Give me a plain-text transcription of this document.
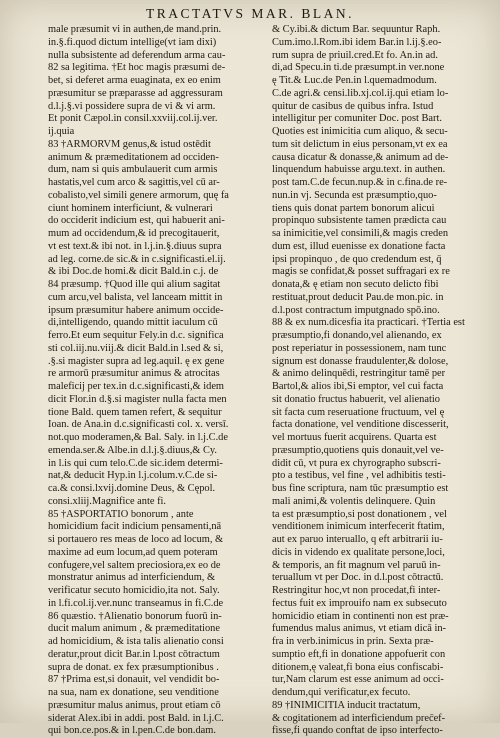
TRACTATVS MAR. BLAN.
male præsumit vi in authen,de mand.prin.
in.§.fi.quod dictum intellige(vt iam dixi)
nulla subsistente ad deferendum arma cau-
82 sa legitima. †Et hoc magis præsumi de-
bet, si deferet arma euaginata, ex eo enim
præsumitur se præparasse ad aggressuram
d.l.j.§.vi possidere supra de vi & vi arm.
Et ponit Cæpol.in consil.xxviij.col.ij.ver.
ij.quia
83 †ARMORVM genus,& istud ostēdit
animum & præmeditationem ad occiden-
dum, nam si quis ambulauerit cum armis
hastatis,vel cum arco & sagittis,vel cū ar-
cobalisto,vel simili genere armorum, quę fa
ciunt hominem interficiunt, & vulnerari
do occiderit indicium est, qui habuerit ani-
mum ad occidendum,& id precogitauerit,
vt est text.& ibi not. in l.j.in.§.diuus supra
ad leg. corne.de sic.& in c.significasti.el.ij.
& ibi Doc.de homi.& dicit Bald.in c.j. de
84 præsump. †Quod ille qui alium sagitat
cum arcu,vel balista, vel lanceam mittit in
ipsum præsumitur habere animum occide-
di,intelligendo, quando mittit iaculum cū
ferro.Et eum sequitur Fely.in d.c. significa
sti col.iij.nu.viij.& dicit Bald.in l.sed & si,
.§.si magister supra ad leg.aquil. ę ex gene
re armorū præsumitur animus & atrocitas
maleficij per tex.in d.c.significasti,& idem
dicit Flor.in d.§.si magister nulla facta men
tione Bald. quem tamen refert, & sequitur
Ioan. de Ana.in d.c.significasti col. x. versī.
not.quo moderamen,& Bal. Saly. in l.j.C.de
emenda.ser.& Albe.in d.l.j.§.diuus,& Cy.
in l.is qui cum telo.C.de sic.idem determi-
nat,& deducit Hyp.in l.j.colum.v.C.de si-
ca.& consi.lxvij.domine Deus, & Cępol.
consi.xliij.Magnifice ante fi.
85 †ASPORTATIO bonorum , ante
homicidium facit indicium pensamenti,nā
si portauero res meas de loco ad locum, &
maxime ad eum locum,ad quem poteram
confugere,vel saltem preciosiora,ex eo de
monstratur animus ad interficiendum, &
verificatur secuto homicidio,ita not. Saly.
in l.fi.col.ij.ver.nunc transeamus in fi.C.de
86 quæstio. †Alienatio bonorum fuorū in-
ducit malum animum , & præmeditatione
ad homicidium, & ista talis alienatio consi
deratur,prout dicit Bar.in l.post cōtractum
supra de donat. ex fex præsumptionibus .
87 †Prima est,si donauit, vel vendidit bo-
na sua, nam ex donatione, seu venditione
præsumitur malus animus, prout etiam cō
siderat Alex.ibi in addi. post Bald. in l.j.C.
qui bon.ce.pos.& in l.pen.C.de bon.dam.
& Cy.ibi.& dictum Bar. sequuntur Raph.
Cum.imo.l.Rom.ibi idem Bar.in l.ij.§.eo-
rum supra de priuil.cred.Et fo. An.in ad.
di,ad Specu.in ti.de præsumpt.in ver.none
ę Tit.& Luc.de Pen.in l.quemadmodum.
C.de agri.& censi.lib.xj.col.ij.qui etiam lo-
quitur de casibus de quibus infra. Istud
intelligitur per comuniter Doc. post Bart.
Quoties est inimicitia cum aliquo, & secu-
tum sit delictum in eius personam,vt ex ea
causa dicatur & donasse,& animum ad de-
linquendum habuisse argu.text. in authen.
post tam.C.de fecun.nup.& in c.fina.de re-
nun.in vj. Secunda est præsumptio,quo-
tiens quis donat partem bonorum alicui
propinquo subsistente tamen prædicta cau
sa inimicitie,vel consimili,& magis creden
dum est, illud euenisse ex donatione facta
ipsi propinquo , de quo credendum est, q̄
magis se confidat,& posset suffragari ex re
donata,& ę etiam non secuto delicto fibi
restituat,prout deducit Pau.de mon.pic. in
d.l.post contractum imputgnado spō.ino.
88 & ex num.dicesfia ita practicari. †Tertia est
præsumptio,fi donando,vel alienando, ex
post reperiatur in possessionem, nam tunc
signum est donasse fraudulenter,& dolose,
& animo delinquēdi, restringitur tamē per
Bartol,& alios ibi,Si emptor, vel cui facta
sit donatio fructus habuerit, vel alienatio
sit facta cum reseruatione fructuum, vel ę
facta donatione, vel venditione discesserit,
vel mortuus fuerit acquirens. Quarta est
præsumptio,quotiens quis donauit,vel ve-
didit cū, vt pura ex chyrographo subscri-
pto a testibus, vel fine , vel adhibitis testi-
bus fine scriptura, nam tūc præsumptio est
mali animi,& volentis delinquere. Quin
ta est præsumptio,si post donationem , vel
venditionem inimicum interfecerit ftatim,
aut ex paruo interuallo, q eft arbitrarii iu-
dicis in videndo ex qualitate persone,loci,
& temporis, an fit magnum vel paruū in-
teruallum vt per Doc. in d.l.post cōtractū.
Restringitur hoc,vt non procedat,fi inter-
fectus fuit ex improuifo nam ex subsecuto
homicidio etiam in continenti non est præ-
fumendus malus animus, vt etiam dicā in-
fra in verb.inimicus in prin. Sexta præ-
sumptio eft,fi in donatione appofuerit con
ditionem,ę valeat,fi bona eius confiscabi-
tur,Nam clarum est esse animum ad occi-
dendum,qui verificatur,ex fecuto.
89 †INIMICITIA inducit tractatum,
& cogitationem ad interficiendum prec̄ef-
fisse,fi quando conftat de ipso interfecto-
